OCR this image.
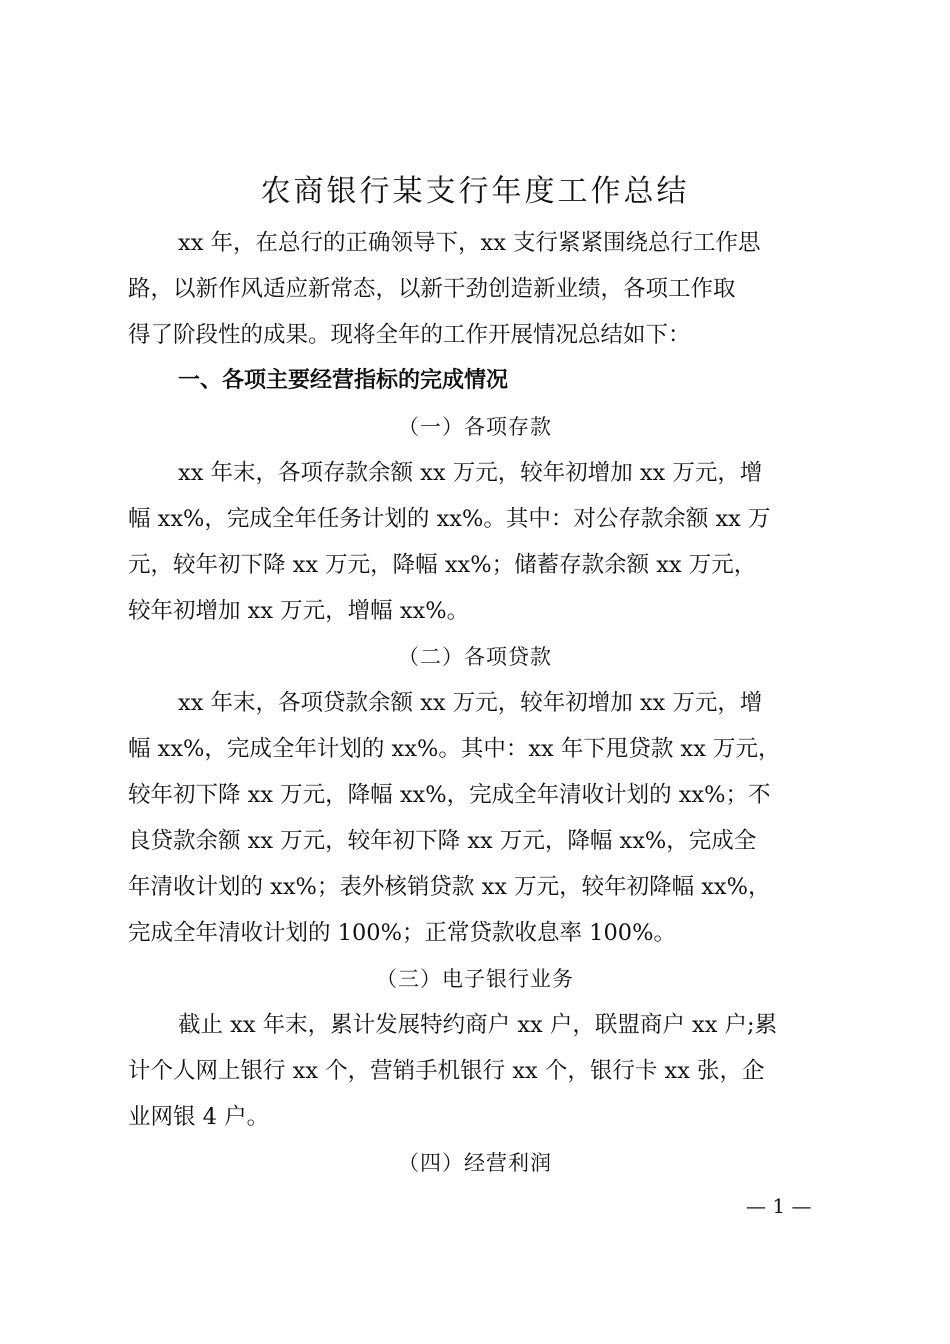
农商银行某支行年度工作总结
xx 年，在总行的正确领导下，xx 支行紧紧围绕总行工作思
路，以新作风适应新常态，以新干劲创造新业绩，各项工作取
得了阶段性的成果。现将全年的工作开展情况总结如下：
一、各项主要经营指标的完成情况
（一）各项存款
xx 年末，各项存款余额 xx 万元，较年初增加 xx 万元，增
幅 xx%，完成全年任务计划的 xx%。其中：对公存款余额 xx 万
元，较年初下降 xx 万元，降幅 xx%；储蓄存款余额 xx 万元，
较年初增加 xx 万元，增幅 xx%。
（二）各项贷款
xx 年末，各项贷款余额 xx 万元，较年初增加 xx 万元，增
幅 xx%，完成全年计划的 xx%。其中：xx 年下甩贷款 xx 万元，
较年初下降 xx 万元，降幅 xx%，完成全年清收计划的 xx%；不
良贷款余额 xx 万元，较年初下降 xx 万元，降幅 xx%，完成全
年清收计划的 xx%；表外核销贷款 xx 万元，较年初降幅 xx%，
完成全年清收计划的 100%；正常贷款收息率 100%。
（三）电子银行业务
截止 xx 年末，累计发展特约商户 xx 户，联盟商户 xx 户;累
计个人网上银行 xx 个，营销手机银行 xx 个，银行卡 xx 张，企
业网银 4 户。
（四）经营利润
— 1 —
